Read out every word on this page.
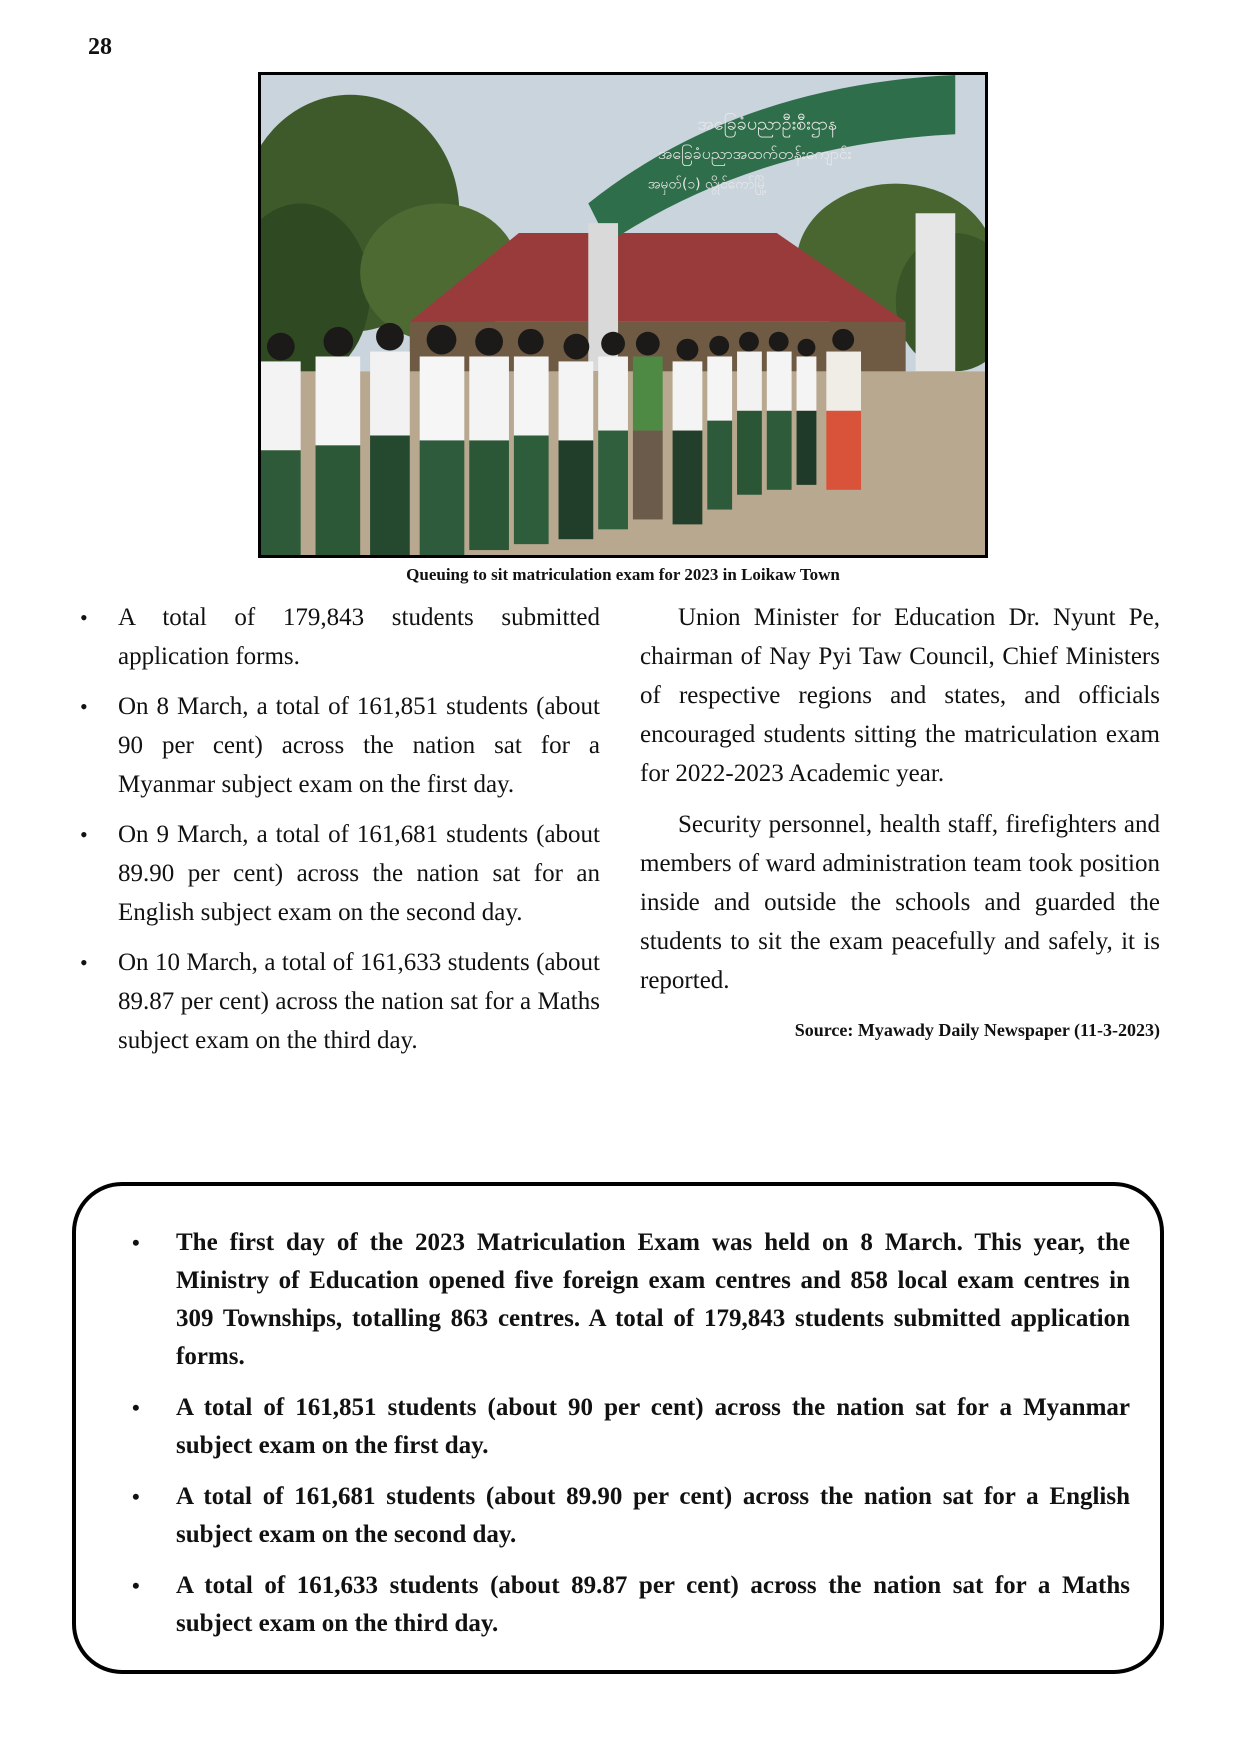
28
အခြေခံပညာဦးစီးဌာန
အခြေခံပညာအထက်တန်းကျောင်း
အမှတ်(၁) လွိုင်ကော်မြို့
Queuing to sit matriculation exam for 2023 in Loikaw Town
• A total of 179,843 students submitted application forms.
• On 8 March, a total of 161,851 students (about 90 per cent) across the nation sat for a Myanmar subject exam on the first day.
• On 9 March, a total of 161,681 students (about 89.90 per cent) across the nation sat for an English subject exam on the second day.
• On 10 March, a total of 161,633 students (about 89.87 per cent) across the nation sat for a Maths subject exam on the third day.

Union Minister for Education Dr. Nyunt Pe, chairman of Nay Pyi Taw Council, Chief Ministers of respective regions and states, and officials encouraged students sitting the matriculation exam for 2022-2023 Academic year.

Security personnel, health staff, firefighters and members of ward administration team took position inside and outside the schools and guarded the students to sit the exam peacefully and safely, it is reported.

Source: Myawady Daily Newspaper (11-3-2023)
• The first day of the 2023 Matriculation Exam was held on 8 March. This year, the Ministry of Education opened five foreign exam centres and 858 local exam centres in 309 Townships, totalling 863 centres. A total of 179,843 students submitted application forms.
• A total of 161,851 students (about 90 per cent) across the nation sat for a Myanmar subject exam on the first day.
• A total of 161,681 students (about 89.90 per cent) across the nation sat for a English subject exam on the second day.
• A total of 161,633 students (about 89.87 per cent) across the nation sat for a Maths subject exam on the third day.
